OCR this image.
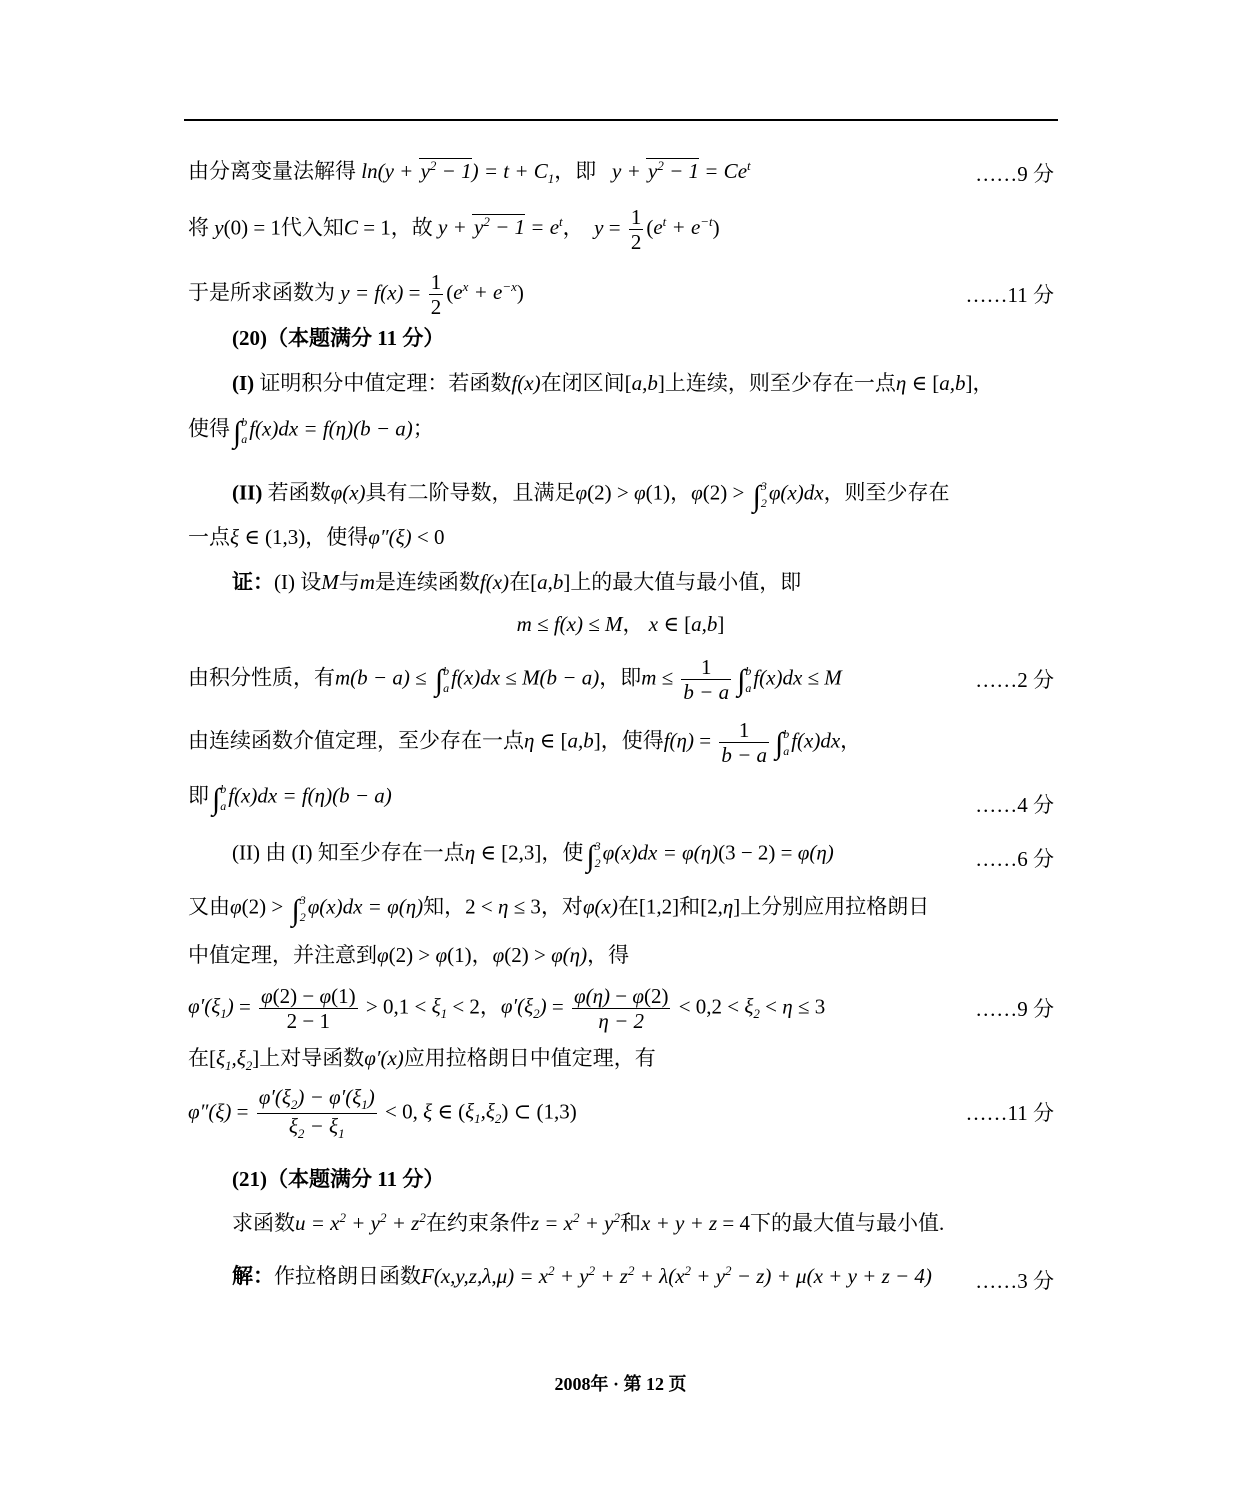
由分离变量法解得 $\ln(y + y^2 - 1) = t + C_1$，即   $y + y^2 - 1 = Ce^t$	……9 分
将 y(0) = 1代入知C = 1，故 $y + y^2 - 1 = e^t$，  $y = \frac{1}{2} (e^t + e^{-t})$
于是所求函数为 $y = f(x) = \frac{1}{2} (e^x + e^{-x})$	……11 分
(20)（本题满分 11 分）
(I) 证明积分中值定理：若函数f(x)在闭区间[a,b]上连续，则至少存在一点η ∈ [a,b]，
使得 ∫ b
a f(x)dx = f(η)(b − a)；
(II) 若函数φ(x)具有二阶导数，且满足φ(2) > φ(1)，φ(2) > ∫ 3
2 φ(x)dx，则至少存在
一点ξ ∈ (1,3)，使得φ″(ξ) < 0
证：(I) 设M与m是连续函数f(x)在[a,b]上的最大值与最小值，即
m ≤ f(x) ≤ M， x ∈ [a,b]
由积分性质，有m(b − a) ≤ ∫ b
a f(x)dx ≤ M(b − a)，即$m \le \frac{1}{b - a}$ ∫ b
a f(x)dx ≤ M	……2 分
由连续函数介值定理，至少存在一点η ∈ [a,b]，使得$f(\eta) = \frac{1}{b - a}$ ∫ b
a f(x)dx，
即 ∫ b
a f(x)dx = f(η)(b − a)	……4 分
(II) 由 (I) 知至少存在一点η ∈ [2,3]，使 ∫ 3
2 φ(x)dx = φ(η)(3 − 2) = φ(η)	……6 分
又由φ(2) > ∫ 3
2 φ(x)dx = φ(η)知，2 < η ≤ 3，对φ(x)在[1,2]和[2,η]上分别应用拉格朗日
中值定理，并注意到φ(2) > φ(1)，φ(2) > φ(η)，得
$\varphi'(\xi_1) = \frac{\varphi(2) - \varphi(1)}{2 - 1} > 0,1 < \xi_1 < 2$，$\varphi'(\xi_2) = \frac{\varphi(\eta) - \varphi(2)}{\eta - 2} < 0,2 < \xi_2 < \eta \le 3$	……9 分
在$[\xi_1,\xi_2]$上对导函数φ′(x)应用拉格朗日中值定理，有
$\varphi''(\xi) = \frac{\varphi'(\xi_2) - \varphi'(\xi_1)}{\xi_2 - \xi_1} < 0$, ξ ∈ $(\xi_1,\xi_2)$ ⊂ (1,3)	……11 分
(21)（本题满分 11 分）
求函数$u = x^2 + y^2 + z^2$在约束条件$z = x^2 + y^2$和x + y + z = 4下的最大值与最小值.
解：作拉格朗日函数$F(x,y,z,\lambda,\mu) = x^2 + y^2 + z^2 + \lambda(x^2 + y^2 - z) + \mu(x + y + z - 4)$	……3 分
2008年 · 第 12 页
